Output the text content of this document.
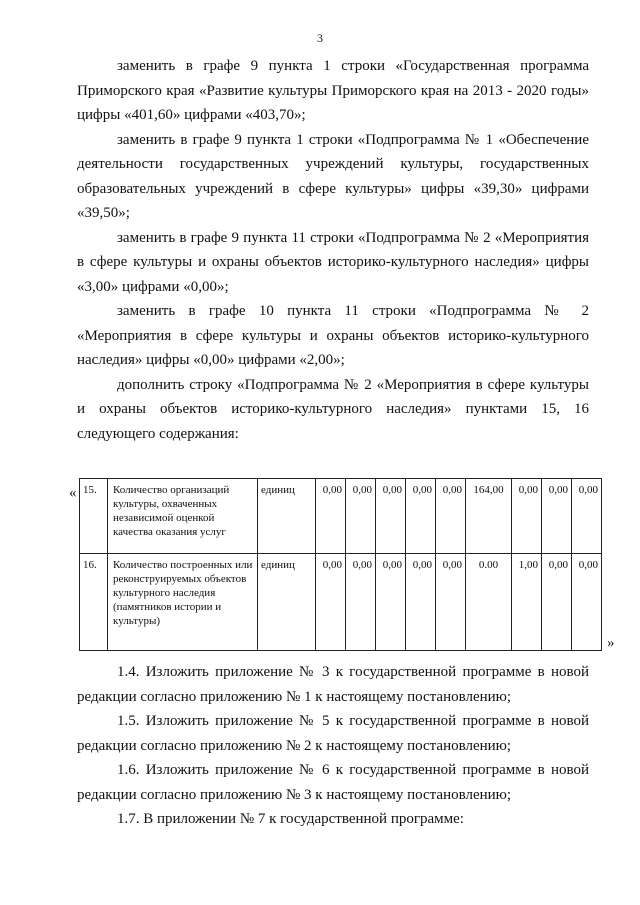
3

заменить в графе 9 пункта 1 строки «Государственная программа Приморского края «Развитие культуры Приморского края на 2013 - 2020 годы» цифры «401,60» цифрами «403,70»;

заменить в графе 9 пункта 1 строки «Подпрограмма № 1 «Обеспечение деятельности государственных учреждений культуры, государственных образовательных учреждений в сфере культуры» цифры «39,30» цифрами «39,50»;

заменить в графе 9 пункта 11 строки «Подпрограмма № 2 «Мероприятия в сфере культуры и охраны объектов историко-культурного наследия» цифры «3,00» цифрами «0,00»;

заменить в графе 10 пункта 11 строки «Подпрограмма № 2 «Мероприятия в сфере культуры и охраны объектов историко-культурного наследия» цифры «0,00» цифрами «2,00»;

дополнить строку «Подпрограмма № 2 «Мероприятия в сфере культуры и охраны объектов историко-культурного наследия» пунктами 15, 16 следующего содержания:

« 15.	Количество организаций культуры, охваченных независимой оценкой качества оказания услуг	единиц	0,00	0,00	0,00	0,00	0,00	164,00	0,00	0,00	0,00
16.	Количество построенных или реконструируемых объектов культурного наследия (памятников истории и культуры)	единиц	0,00	0,00	0,00	0,00	0,00	0.00	1,00	0,00	0,00
»

1.4. Изложить приложение № 3 к государственной программе в новой редакции согласно приложению № 1 к настоящему постановлению;

1.5. Изложить приложение № 5 к государственной программе в новой редакции согласно приложению № 2 к настоящему постановлению;

1.6. Изложить приложение № 6 к государственной программе в новой редакции согласно приложению № 3 к настоящему постановлению;

1.7. В приложении № 7 к государственной программе:
